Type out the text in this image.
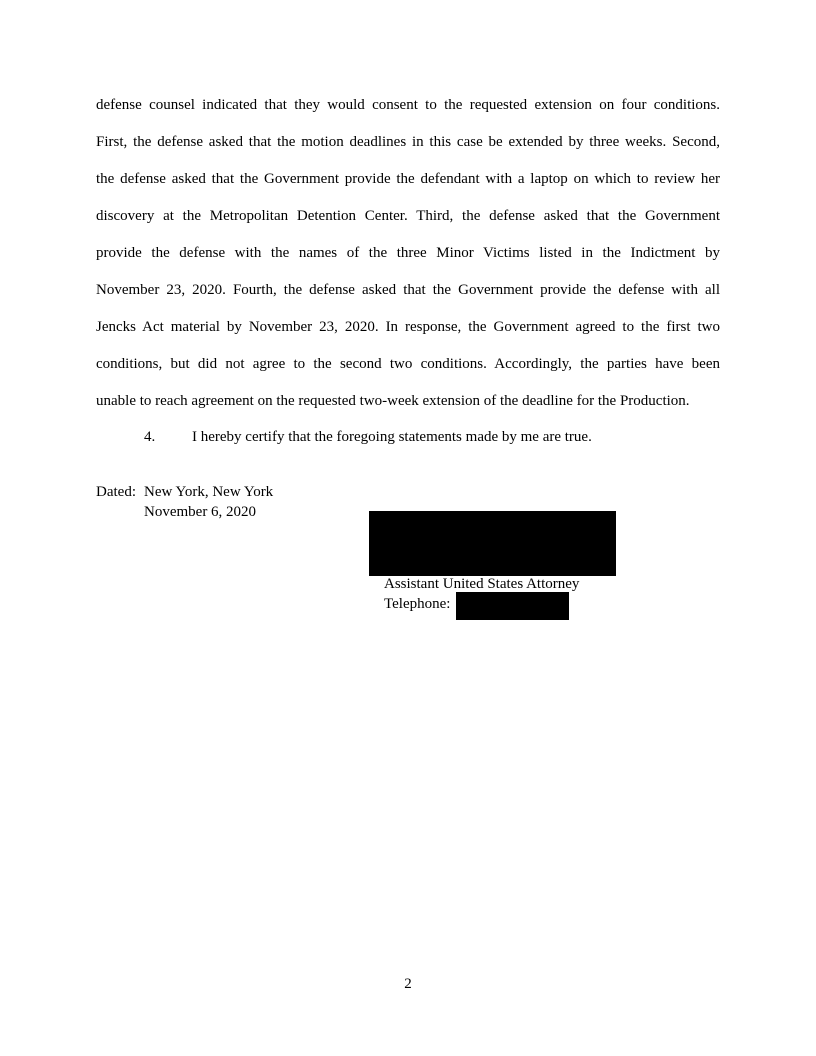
defense counsel indicated that they would consent to the requested extension on four conditions.
First, the defense asked that the motion deadlines in this case be extended by three weeks. Second,
the defense asked that the Government provide the defendant with a laptop on which to review her
discovery at the Metropolitan Detention Center. Third, the defense asked that the Government
provide the defense with the names of the three Minor Victims listed in the Indictment by
November 23, 2020. Fourth, the defense asked that the Government provide the defense with all
Jencks Act material by November 23, 2020. In response, the Government agreed to the first two
conditions, but did not agree to the second two conditions. Accordingly, the parties have been
unable to reach agreement on the requested two-week extension of the deadline for the Production.
4. I hereby certify that the foregoing statements made by me are true.
Dated: New York, New York
November 6, 2020
Assistant United States Attorney
Telephone:
2
